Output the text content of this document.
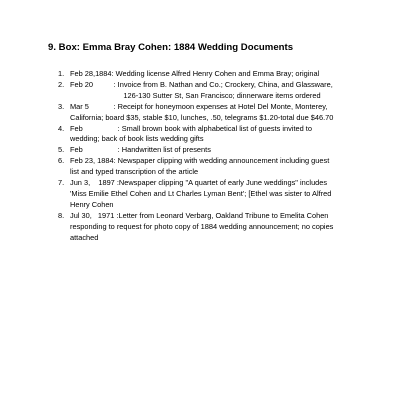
9. Box: Emma Bray Cohen: 1884 Wedding Documents
1. Feb 28,1884: Wedding license Alfred Henry Cohen and Emma Bray; original
2. Feb 20          : Invoice from B. Nathan and Co.; Crockery, China, and Glassware,
126-130 Sutter St, San Francisco; dinnerware items ordered
3. Mar 5            : Receipt for honeymoon expenses at Hotel Del Monte, Monterey,
California; board $35, stable $10, lunches, .50, telegrams $1.20-total due $46.70
4. Feb                 : Small brown book with alphabetical list of guests invited to
wedding; back of book lists wedding gifts
5. Feb                 : Handwritten list of presents
6. Feb 23, 1884: Newspaper clipping with wedding announcement including guest
list and typed transcription of the article
7. Jun 3,    1897 :Newspaper clipping "A quartet of early June weddings" includes
'Miss Emilie Ethel Cohen and Lt Charles Lyman Bent'; [Ethel was sister to Alfred
Henry Cohen
8. Jul 30,   1971 :Letter from Leonard Verbarg, Oakland Tribune to Emelita Cohen
responding to request for photo copy of 1884 wedding announcement; no copies
attached
